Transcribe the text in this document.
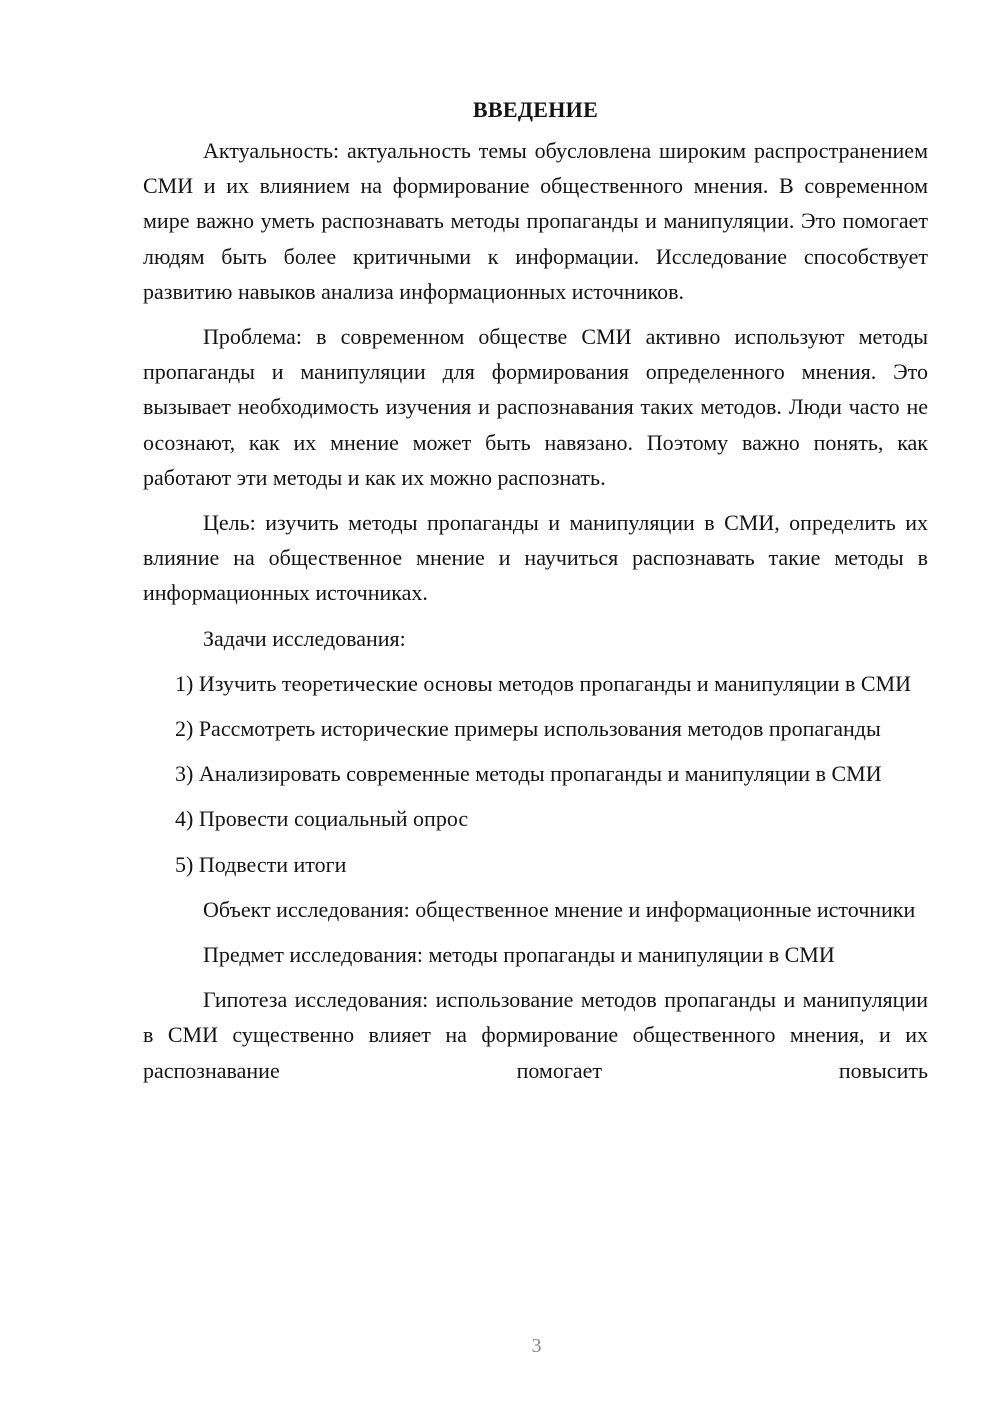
ВВЕДЕНИЕ

Актуальность: актуальность темы обусловлена широким распространением СМИ и их влиянием на формирование общественного мнения. В современном мире важно уметь распознавать методы пропаганды и манипуляции. Это помогает людям быть более критичными к информации. Исследование способствует развитию навыков анализа информационных источников.

Проблема: в современном обществе СМИ активно используют методы пропаганды и манипуляции для формирования определенного мнения. Это вызывает необходимость изучения и распознавания таких методов. Люди часто не осознают, как их мнение может быть навязано. Поэтому важно понять, как работают эти методы и как их можно распознать.

Цель: изучить методы пропаганды и манипуляции в СМИ, определить их влияние на общественное мнение и научиться распознавать такие методы в информационных источниках.

Задачи исследования:

1) Изучить теоретические основы методов пропаганды и манипуляции в СМИ

2) Рассмотреть исторические примеры использования методов пропаганды

3) Анализировать современные методы пропаганды и манипуляции в СМИ

4) Провести социальный опрос

5) Подвести итоги

Объект исследования: общественное мнение и информационные источники

Предмет исследования: методы пропаганды и манипуляции в СМИ

Гипотеза исследования: использование методов пропаганды и манипуляции в СМИ существенно влияет на формирование общественного мнения, и их распознавание помогает повысить

3
